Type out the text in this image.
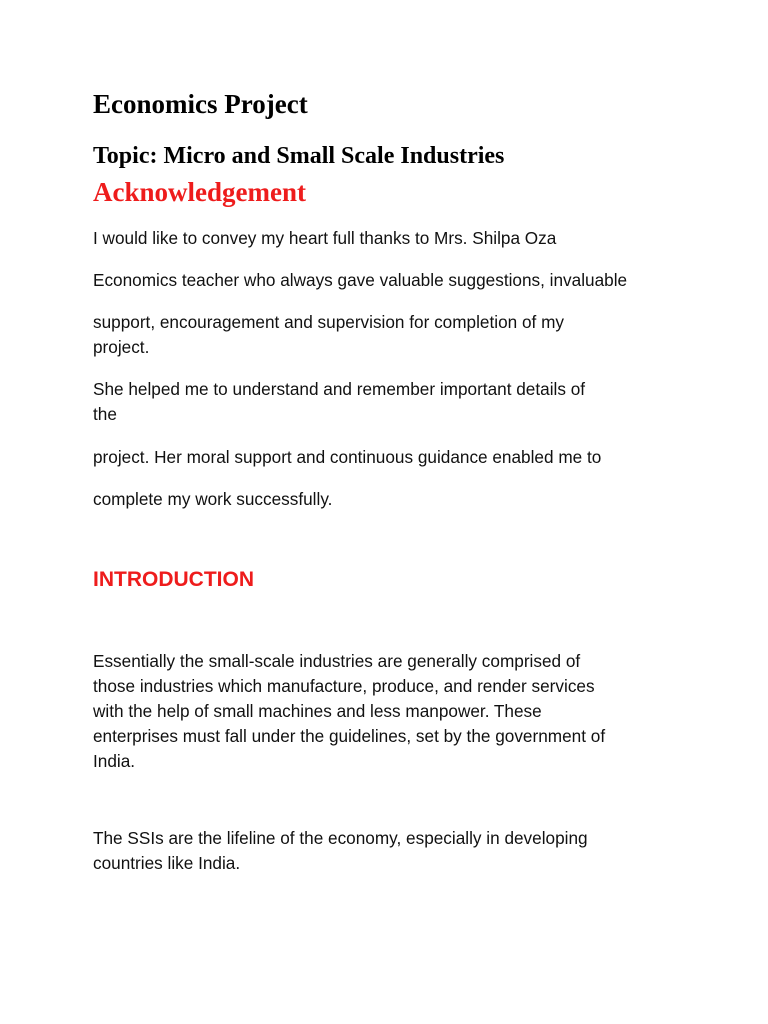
Economics Project
Topic: Micro and Small Scale Industries
Acknowledgement

I would like to convey my heart full thanks to Mrs. Shilpa Oza

Economics teacher who always gave valuable suggestions, invaluable

support, encouragement and supervision for completion of my
project.

She helped me to understand and remember important details of
the

project. Her moral support and continuous guidance enabled me to

complete my work successfully.

INTRODUCTION

Essentially the small-scale industries are generally comprised of
those industries which manufacture, produce, and render services
with the help of small machines and less manpower. These
enterprises must fall under the guidelines, set by the government of
India.

The SSIs are the lifeline of the economy, especially in developing
countries like India.
